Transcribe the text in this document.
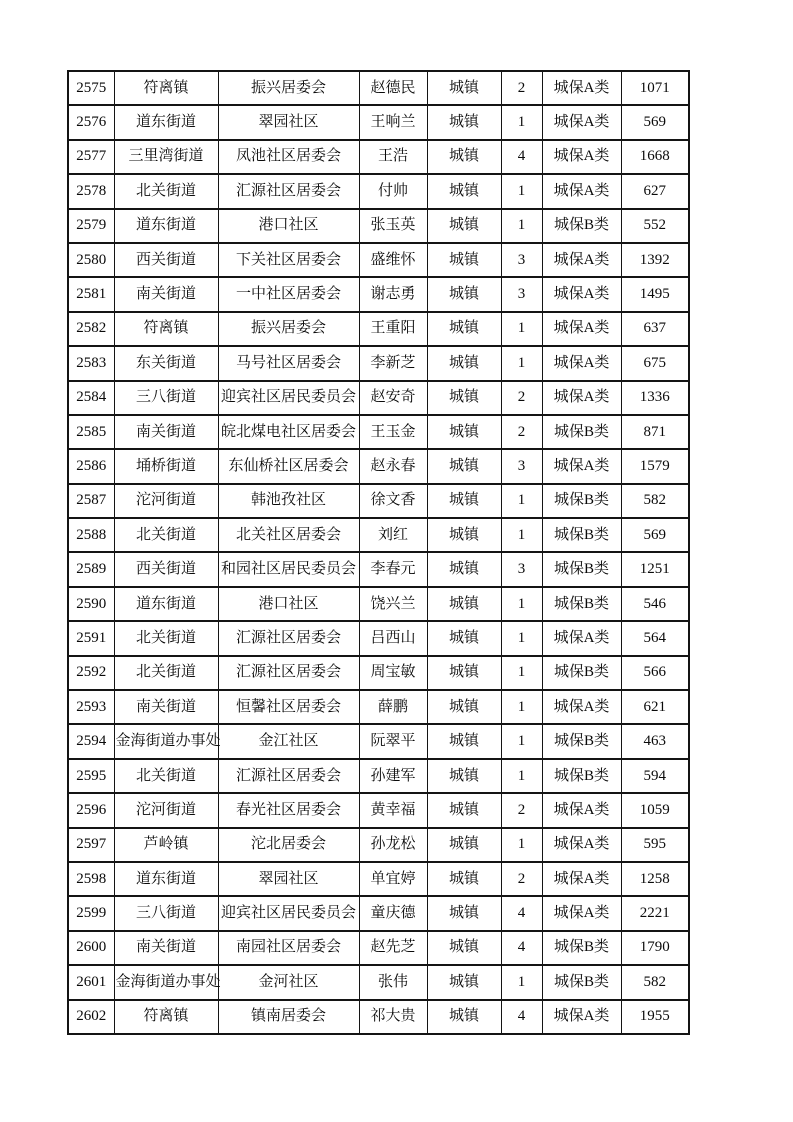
2575	符离镇	振兴居委会	赵德民	城镇	2	城保A类	1071
2576	道东街道	翠园社区	王响兰	城镇	1	城保A类	569
2577	三里湾街道	凤池社区居委会	王浩	城镇	4	城保A类	1668
2578	北关街道	汇源社区居委会	付帅	城镇	1	城保A类	627
2579	道东街道	港口社区	张玉英	城镇	1	城保B类	552
2580	西关街道	下关社区居委会	盛维怀	城镇	3	城保A类	1392
2581	南关街道	一中社区居委会	谢志勇	城镇	3	城保A类	1495
2582	符离镇	振兴居委会	王重阳	城镇	1	城保A类	637
2583	东关街道	马号社区居委会	李新芝	城镇	1	城保A类	675
2584	三八街道	迎宾社区居民委员会	赵安奇	城镇	2	城保A类	1336
2585	南关街道	皖北煤电社区居委会	王玉金	城镇	2	城保B类	871
2586	埇桥街道	东仙桥社区居委会	赵永春	城镇	3	城保A类	1579
2587	沱河街道	韩池孜社区	徐文香	城镇	1	城保B类	582
2588	北关街道	北关社区居委会	刘红	城镇	1	城保B类	569
2589	西关街道	和园社区居民委员会	李春元	城镇	3	城保B类	1251
2590	道东街道	港口社区	饶兴兰	城镇	1	城保B类	546
2591	北关街道	汇源社区居委会	吕西山	城镇	1	城保A类	564
2592	北关街道	汇源社区居委会	周宝敏	城镇	1	城保B类	566
2593	南关街道	恒馨社区居委会	薛鹏	城镇	1	城保A类	621
2594	金海街道办事处	金江社区	阮翠平	城镇	1	城保B类	463
2595	北关街道	汇源社区居委会	孙建军	城镇	1	城保B类	594
2596	沱河街道	春光社区居委会	黄幸福	城镇	2	城保A类	1059
2597	芦岭镇	沱北居委会	孙龙松	城镇	1	城保A类	595
2598	道东街道	翠园社区	单宜婷	城镇	2	城保A类	1258
2599	三八街道	迎宾社区居民委员会	童庆德	城镇	4	城保A类	2221
2600	南关街道	南园社区居委会	赵先芝	城镇	4	城保B类	1790
2601	金海街道办事处	金河社区	张伟	城镇	1	城保B类	582
2602	符离镇	镇南居委会	祁大贵	城镇	4	城保A类	1955
